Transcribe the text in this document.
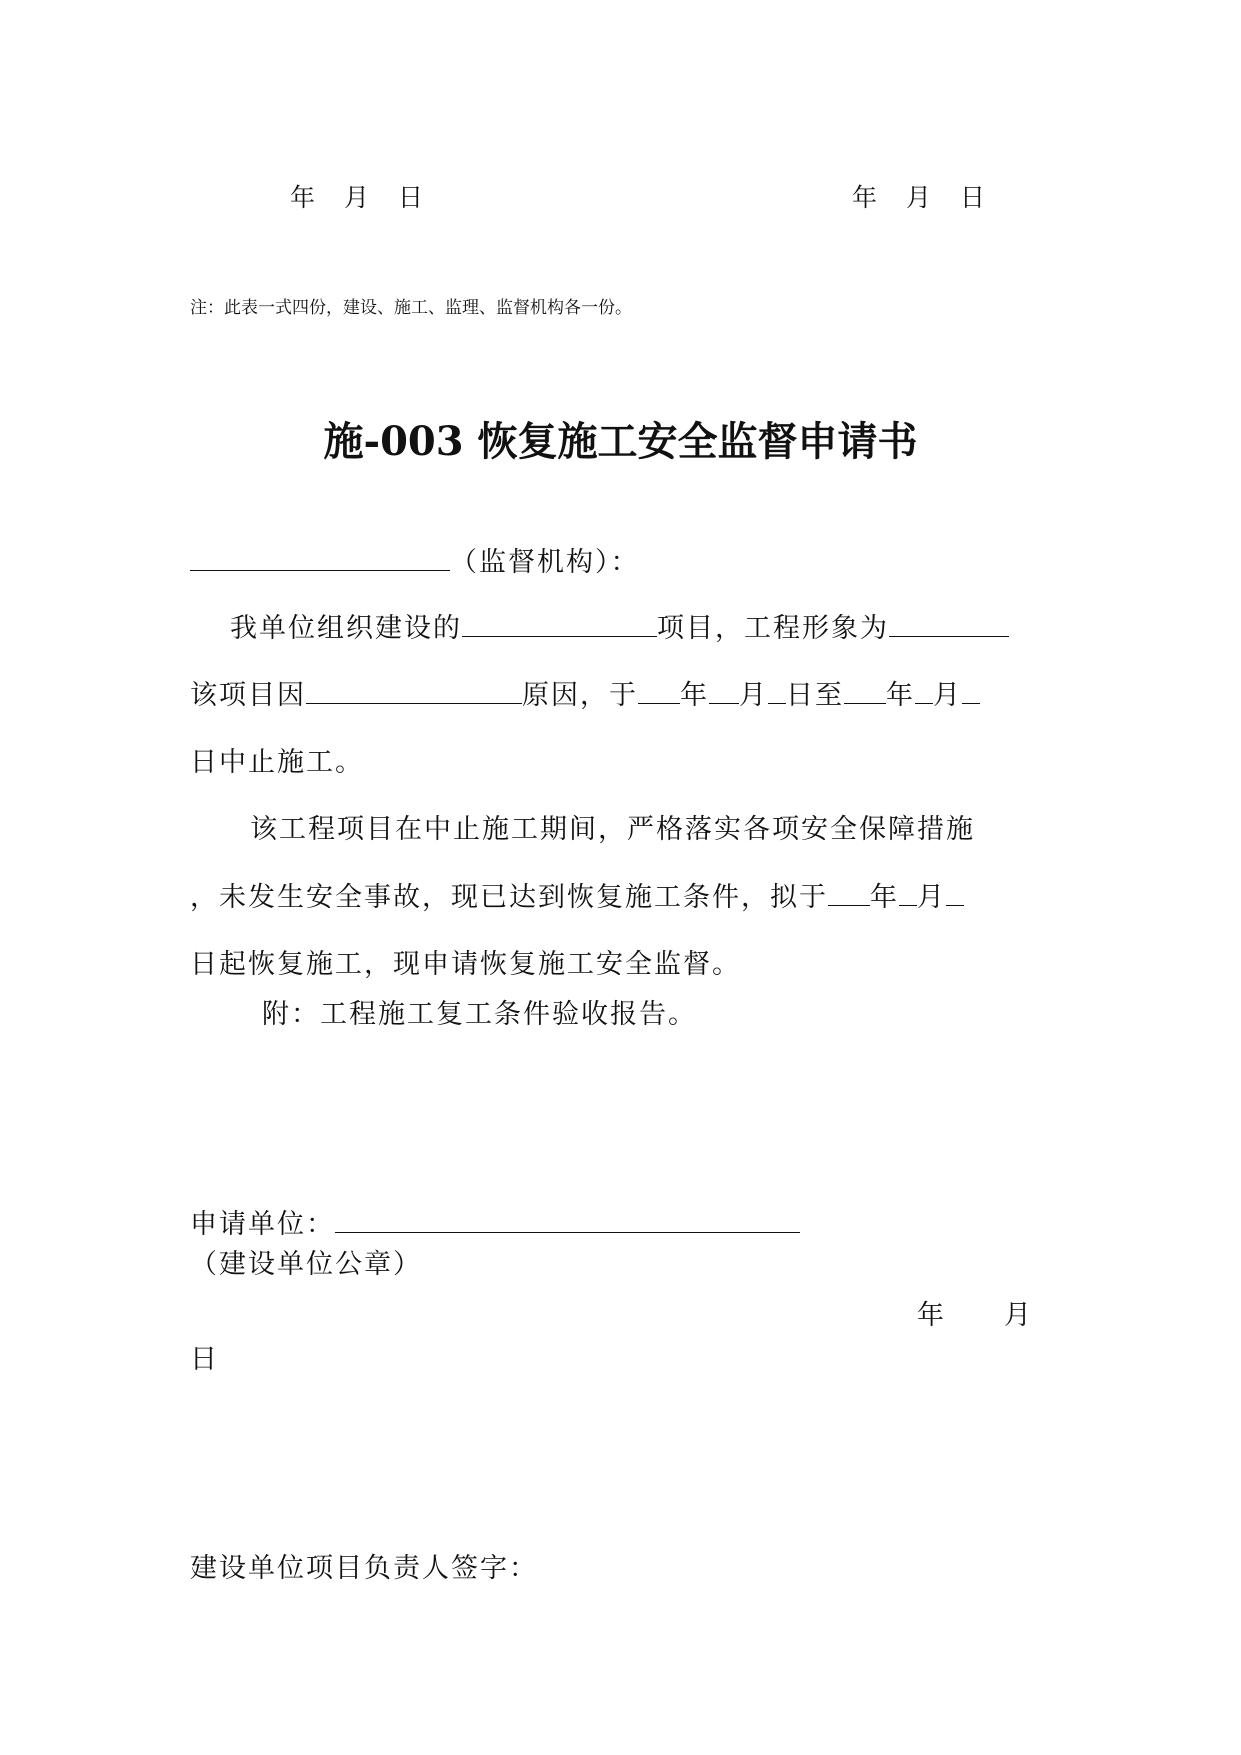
年　月　日	年　月　日
注：此表一式四份，建设、施工、监理、监督机构各一份。
施-003 恢复施工安全监督申请书
（监督机构）：
我单位组织建设的	项目，工程形象为
该项目因	原因，于 年 月 日至 年 月
日中止施工。
该工程项目在中止施工期间，严格落实各项安全保障措施
，未发生安全事故，现已达到恢复施工条件，拟于 年 月
日起恢复施工，现申请恢复施工安全监督。
附：工程施工复工条件验收报告。
申请单位：
（建设单位公章）
年　　月
日
建设单位项目负责人签字：
